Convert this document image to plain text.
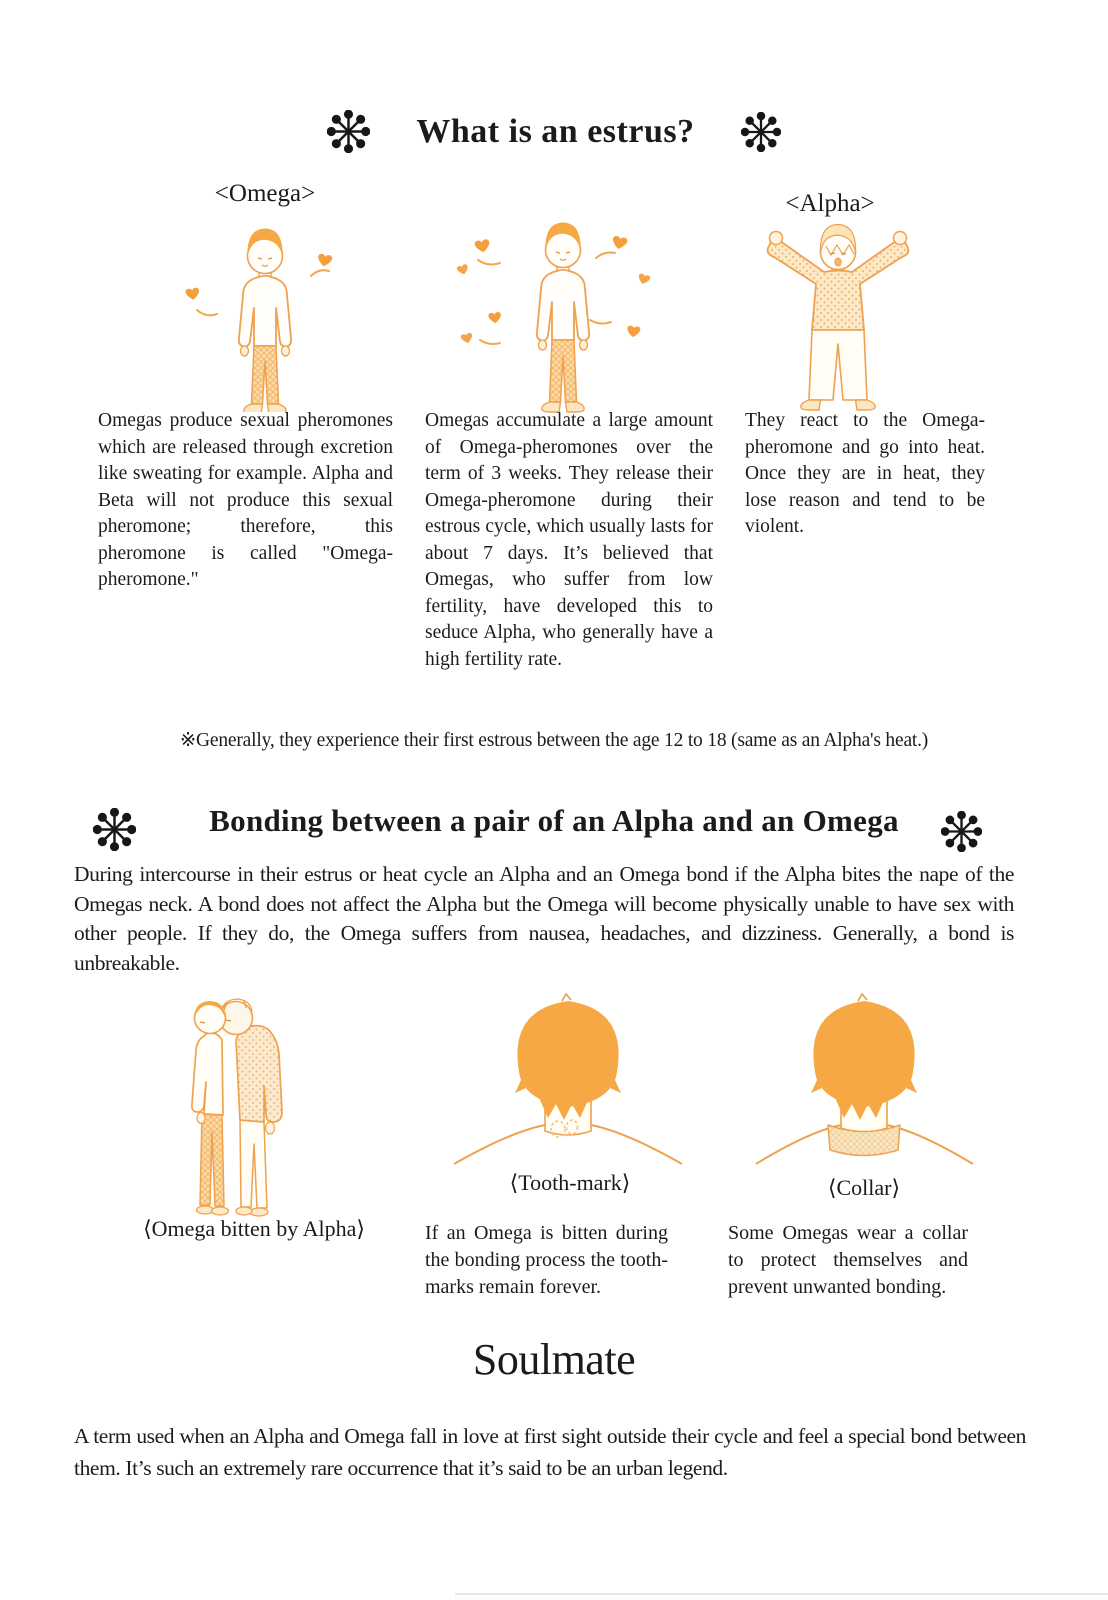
What is an estrus?
<Omega>	<Alpha>

Omegas produce sexual pheromones which are released through excretion like sweating for example. Alpha and Beta will not produce this sexual pheromone; therefore, this pheromone is called "Omega-pheromone."

Omegas accumulate a large amount of Omega-pheromones over the term of 3 weeks. They release their Omega-pheromone during their estrous cycle, which usually lasts for about 7 days. It’s believed that Omegas, who suffer from low fertility, have developed this to seduce Alpha, who generally have a high fertility rate.

They react to the Omega-pheromone and go into heat. Once they are in heat, they lose reason and tend to be violent.

※Generally, they experience their first estrous between the age 12 to 18 (same as an Alpha's heat.)
Bonding between a pair of an Alpha and an Omega

During intercourse in their estrus or heat cycle an Alpha and an Omega bond if the Alpha bites the nape of the Omegas neck. A bond does not affect the Alpha but the Omega will become physically unable to have sex with other people. If they do, the Omega suffers from nausea, headaches, and dizziness. Generally, a bond is unbreakable.

⟨Omega bitten by Alpha⟩
⟨Tooth-mark⟩	⟨Collar⟩

If an Omega is bitten during the bonding process the tooth-marks remain forever.

Some Omegas wear a collar to protect themselves and prevent unwanted bonding.

Soulmate

A term used when an Alpha and Omega fall in love at first sight outside their cycle and feel a special bond between them. It’s such an extremely rare occurrence that it’s said to be an urban legend.
